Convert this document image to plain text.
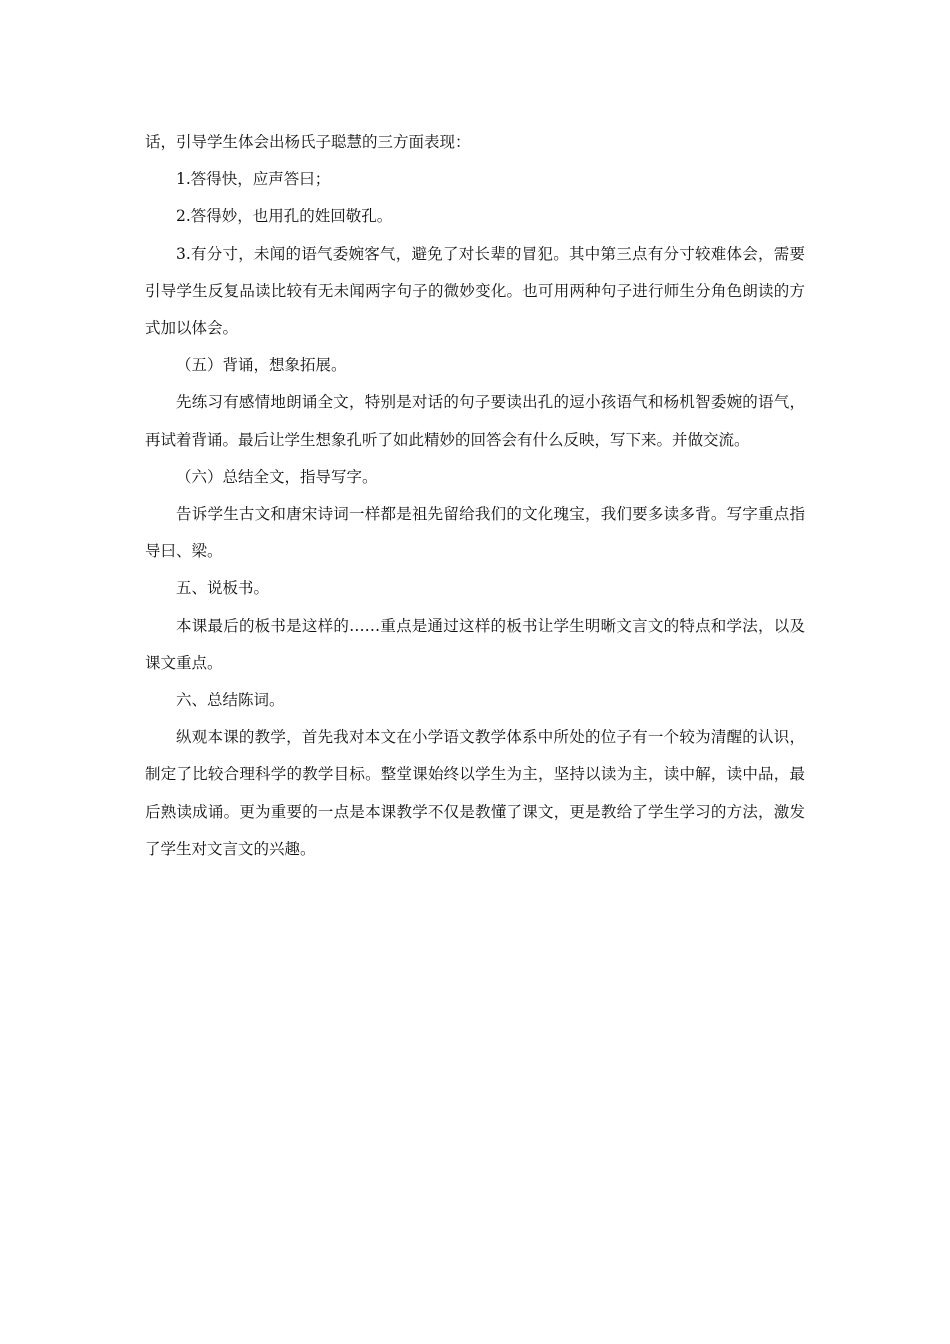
话，引导学生体会出杨氏子聪慧的三方面表现：

1.答得快，应声答曰；

2.答得妙，也用孔的姓回敬孔。

3.有分寸，未闻的语气委婉客气，避免了对长辈的冒犯。其中第三点有分寸较难体会，需要引导学生反复品读比较有无未闻两字句子的微妙变化。也可用两种句子进行师生分角色朗读的方式加以体会。

（五）背诵，想象拓展。

先练习有感情地朗诵全文，特别是对话的句子要读出孔的逗小孩语气和杨机智委婉的语气，再试着背诵。最后让学生想象孔听了如此精妙的回答会有什么反映，写下来。并做交流。

（六）总结全文，指导写字。

告诉学生古文和唐宋诗词一样都是祖先留给我们的文化瑰宝，我们要多读多背。写字重点指导曰、梁。

五、说板书。

本课最后的板书是这样的……重点是通过这样的板书让学生明晰文言文的特点和学法，以及课文重点。

六、总结陈词。

纵观本课的教学，首先我对本文在小学语文教学体系中所处的位子有一个较为清醒的认识，制定了比较合理科学的教学目标。整堂课始终以学生为主，坚持以读为主，读中解，读中品，最后熟读成诵。更为重要的一点是本课教学不仅是教懂了课文，更是教给了学生学习的方法，激发了学生对文言文的兴趣。
